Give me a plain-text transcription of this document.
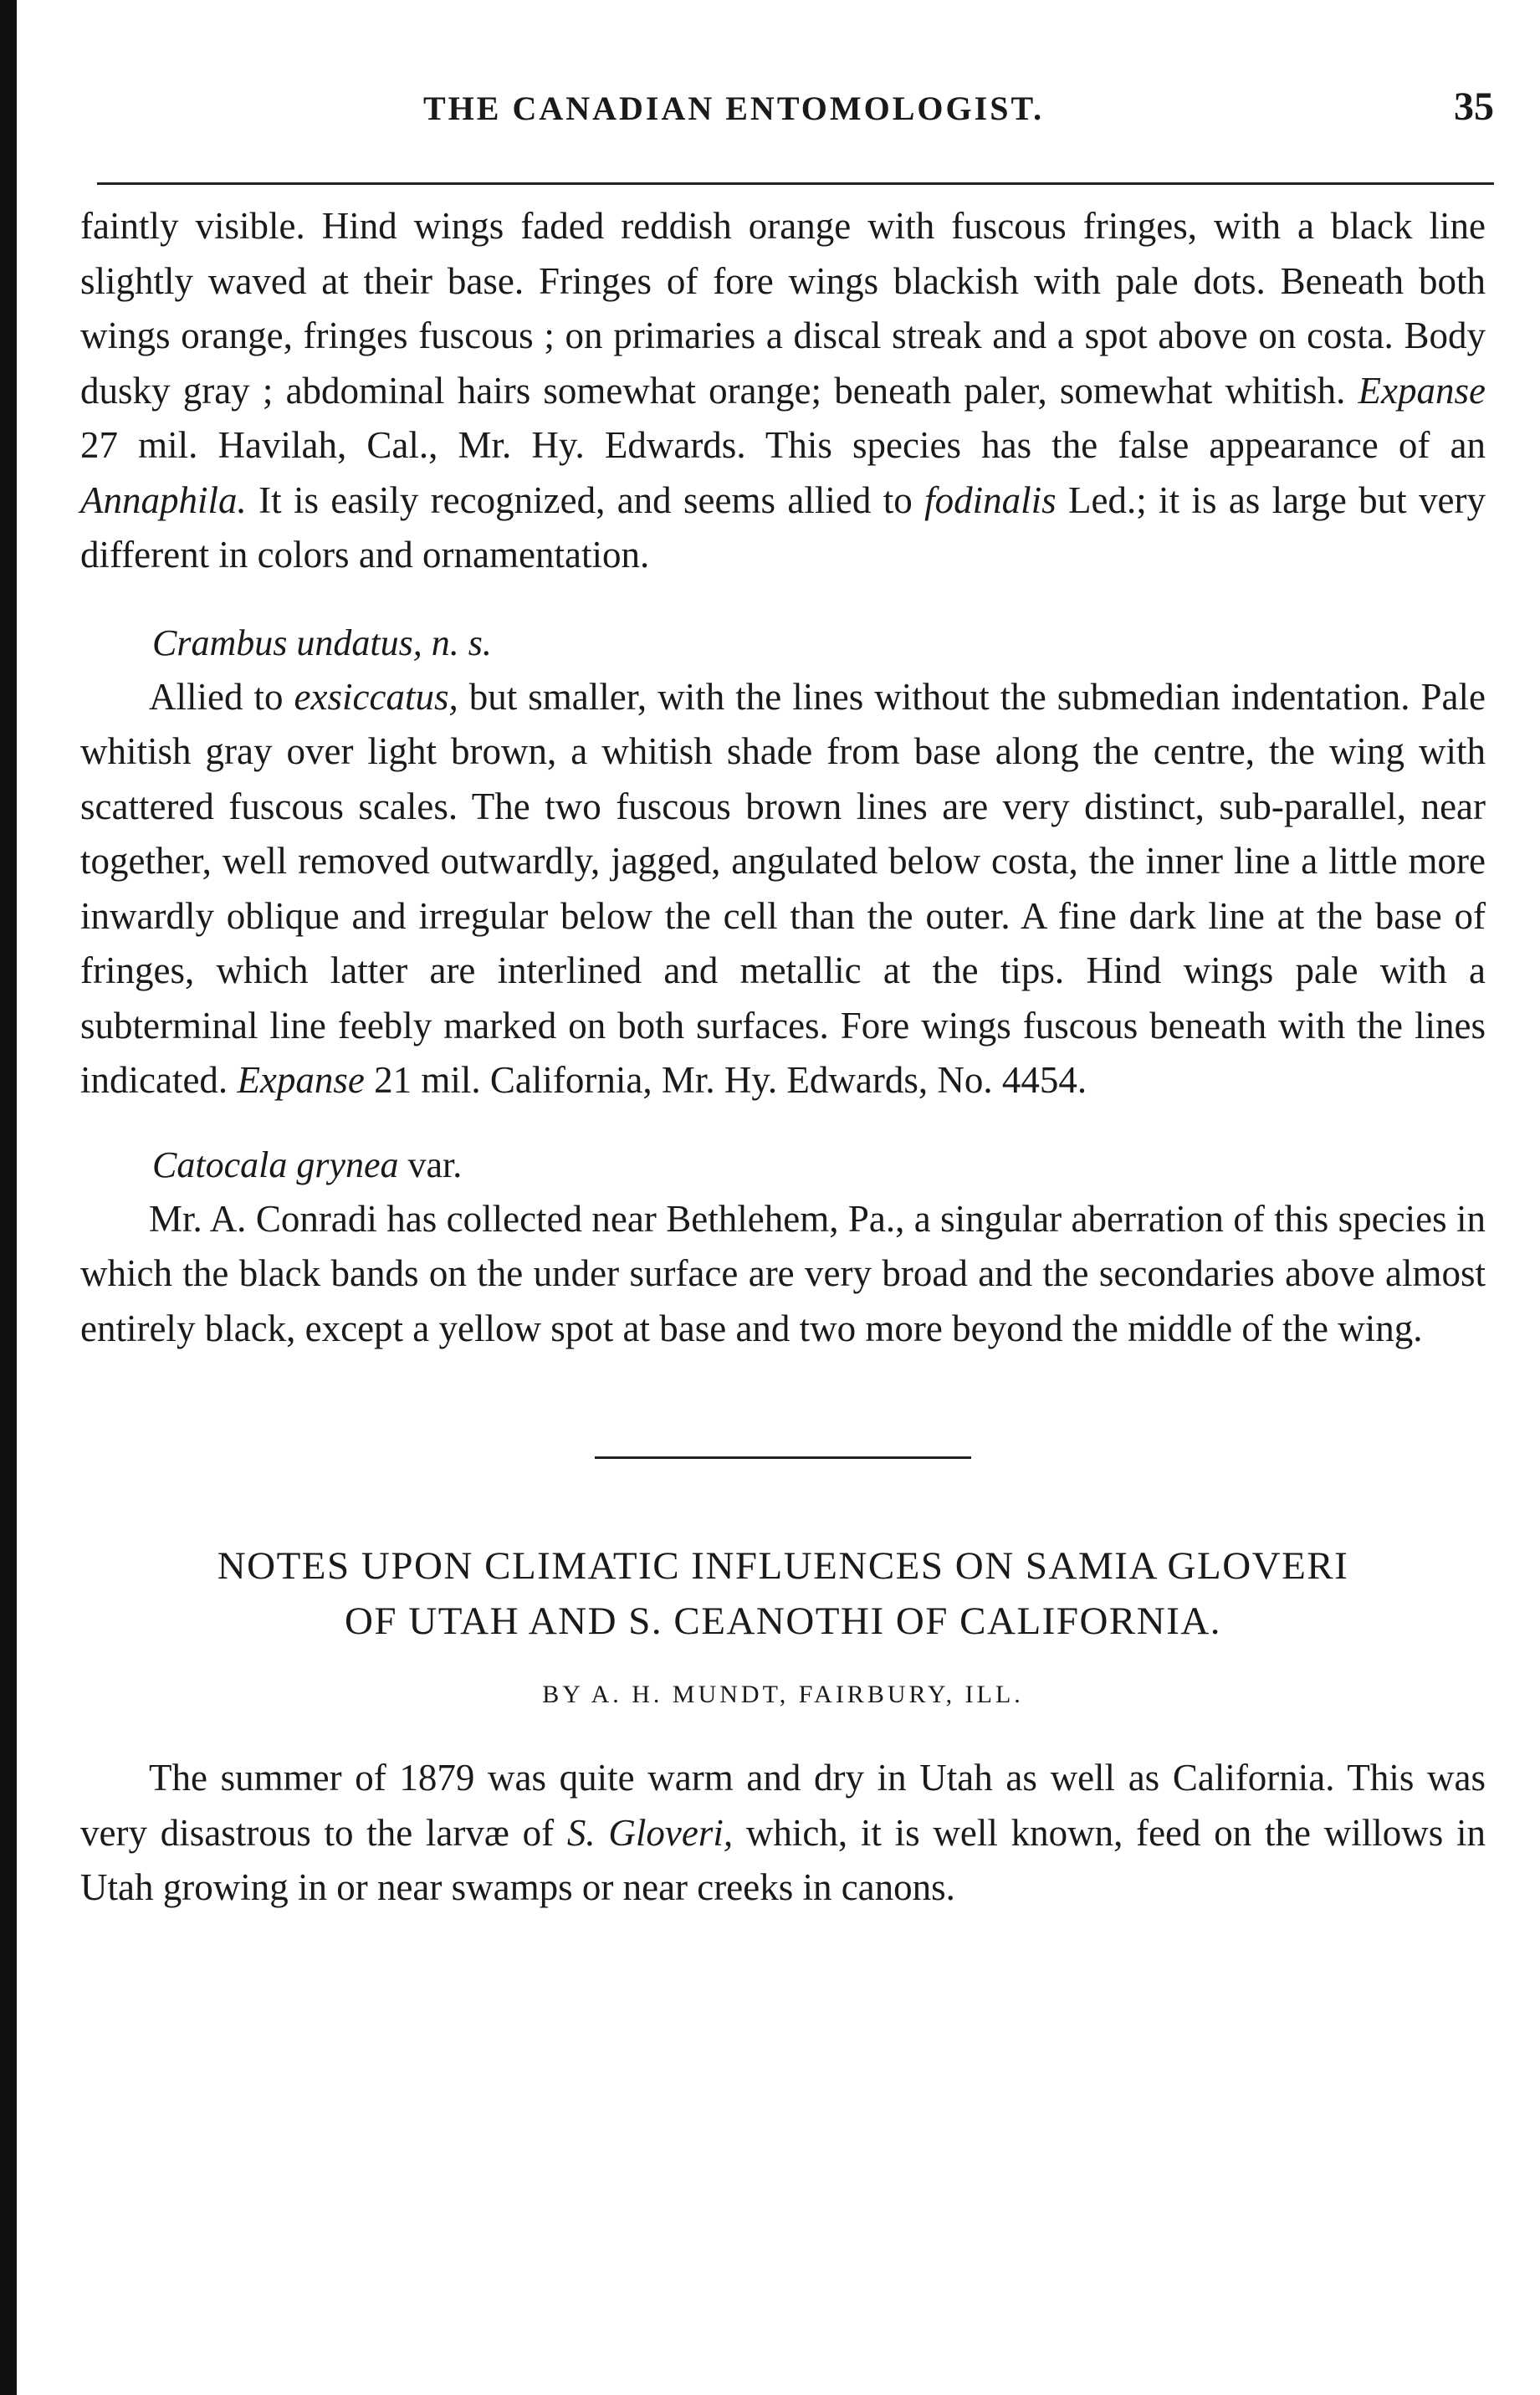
THE CANADIAN ENTOMOLOGIST.	35

faintly visible. Hind wings faded reddish orange with fuscous fringes, with a black line slightly waved at their base. Fringes of fore wings blackish with pale dots. Beneath both wings orange, fringes fuscous ; on primaries a discal streak and a spot above on costa. Body dusky gray ; abdominal hairs somewhat orange; beneath paler, somewhat whitish. Expanse 27 mil. Havilah, Cal., Mr. Hy. Edwards. This species has the false appearance of an Annaphila. It is easily recognized, and seems allied to fodinalis Led.; it is as large but very different in colors and ornamentation.

Crambus undatus, n. s.

Allied to exsiccatus, but smaller, with the lines without the submedian indentation. Pale whitish gray over light brown, a whitish shade from base along the centre, the wing with scattered fuscous scales. The two fuscous brown lines are very distinct, sub-parallel, near together, well removed outwardly, jagged, angulated below costa, the inner line a little more inwardly oblique and irregular below the cell than the outer. A fine dark line at the base of fringes, which latter are interlined and metallic at the tips. Hind wings pale with a subterminal line feebly marked on both surfaces. Fore wings fuscous beneath with the lines indicated. Expanse 21 mil. California, Mr. Hy. Edwards, No. 4454.

Catocala grynea var.

Mr. A. Conradi has collected near Bethlehem, Pa., a singular aberration of this species in which the black bands on the under surface are very broad and the secondaries above almost entirely black, except a yellow spot at base and two more beyond the middle of the wing.

NOTES UPON CLIMATIC INFLUENCES ON SAMIA GLOVERI
OF UTAH AND S. CEANOTHI OF CALIFORNIA.
BY A. H. MUNDT, FAIRBURY, ILL.

The summer of 1879 was quite warm and dry in Utah as well as California. This was very disastrous to the larvæ of S. Gloveri, which, it is well known, feed on the willows in Utah growing in or near swamps or near creeks in canons.
